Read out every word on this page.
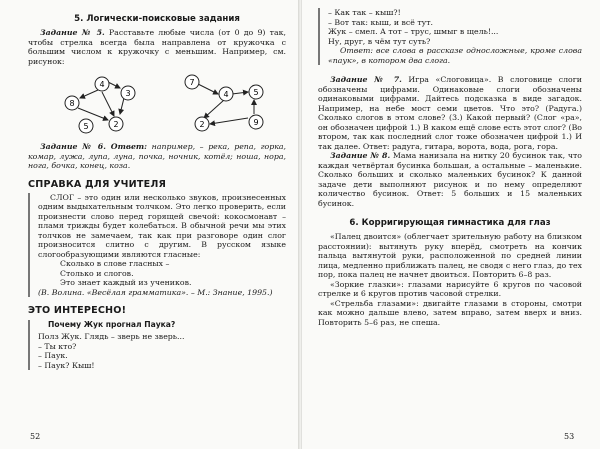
5. Логически-поисковые задания

Задание № 5. Расставьте любые числа (от 0 до 9) так, чтобы стрелка всегда была направлена от кружочка с большим числом к кружочку с меньшим. Например, см. рисунок:

4
3
8
2
5
7
4	5
9
2

Задание № 6. Ответ: например, – река, репа, горка, комар, лужа, лупа, луна, почка, ночник, котёл; ноша, нора, нога, бочка, конец, коза.

СПРАВКА ДЛЯ УЧИТЕЛЯ

СЛОГ – это один или несколько звуков, произнесенных одним выдыхательным толчком. Это легко проверить, если произнести слово перед горящей свечой: кокосмонавт – пламя трижды будет колебаться. В обычной речи мы этих толчков не замечаем, так как при разговоре один слог произносится слитно с другим. В русском языке слогообразующими являются гласные:

Сколько в слове гласных –

Столько и слогов.

Это знает каждый из учеников.

(В. Волина. «Весёлая грамматика». – М.: Знание, 1995.)

ЭТО ИНТЕРЕСНО!

Почему Жук прогнал Паука?

Полз Жук. Глядь – зверь не зверь...

– Ты кто?

– Паук.

– Паук? Кыш!

52

– Как так – кыш?!

– Вот так: кыш, и всё тут.

Жук – смел. А тот – трус, шмыг в щель!...

Ну, друг, в чём тут суть?

Ответ: все слова в рассказе односложные, кроме слова «паук», в котором два слога.

Задание № 7. Игра «Слоговица». В слоговице слоги обозначены цифрами. Одинаковые слоги обозначены одинаковыми цифрами. Дайтесь подсказка в виде загадок. Например, на небе мост семи цветов. Что это? (Радуга.) Сколько слогов в этом слове? (3.) Какой первый? (Слог «ра», он обозначен цифрой 1.) В каком ещё слове есть этот слог? (Во втором, так как последний слог тоже обозначен цифрой 1.) И так далее. Ответ: радуга, гитара, ворота, вода, рога, гора.

Задание № 8. Мама нанизала на нитку 20 бусинок так, что каждая четвёртая бусинка большая, а остальные – маленькие. Сколько больших и сколько маленьких бусинок? К данной задаче дети выполняют рисунок и по нему определяют количество бусинок. Ответ: 5 больших и 15 маленьких бусинок.

6. Корригирующая гимнастика для глаз

«Палец двоится» (облегчает зрительную работу на близком расстоянии): вытянуть руку вперёд, смотреть на кончик пальца вытянутой руки, расположенной по средней линии лица, медленно приближать палец, не сводя с него глаз, до тех пор, пока палец не начнет двоиться. Повторить 6–8 раз.

«Зоркие глазки»: глазами нарисуйте 6 кругов по часовой стрелке и 6 кругов против часовой стрелки.

«Стрельба глазами»: двигайте глазами в стороны, смотри как можно дальше влево, затем вправо, затем вверх и вниз. Повторить 5–6 раз, не спеша.

53
